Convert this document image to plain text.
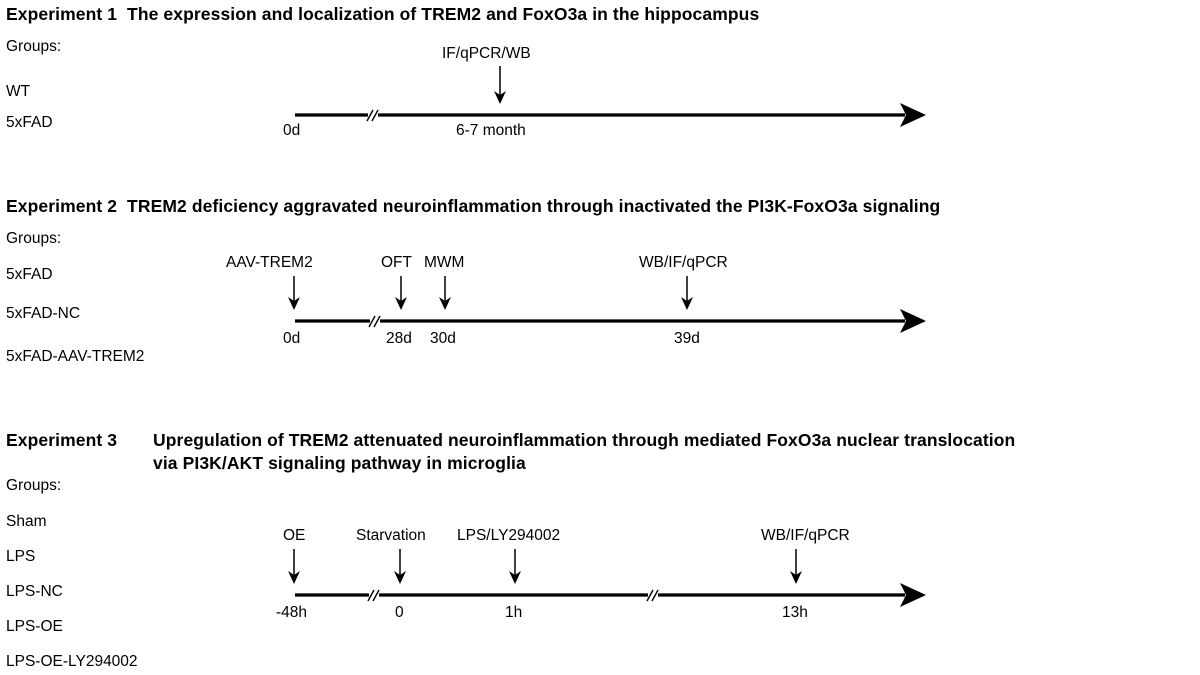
Experiment 1 The expression and localization of TREM2 and FoxO3a in the hippocampus
Groups:
WT
5xFAD
IF/qPCR/WB
0d	6-7 month
Experiment 2 TREM2 deficiency aggravated neuroinflammation through inactivated the PI3K-FoxO3a signaling
Groups:
5xFAD
5xFAD-NC
5xFAD-AAV-TREM2
AAV-TREM2	OFT MWM	WB/IF/qPCR
0d	28d 30d	39d
Experiment 3 Upregulation of TREM2 attenuated neuroinflammation through mediated FoxO3a nuclear translocation
via PI3K/AKT signaling pathway in microglia
Groups:
Sham
LPS
LPS-NC
LPS-OE
LPS-OE-LY294002
OE	Starvation LPS/LY294002	WB/IF/qPCR
-48h	0	1h	13h
